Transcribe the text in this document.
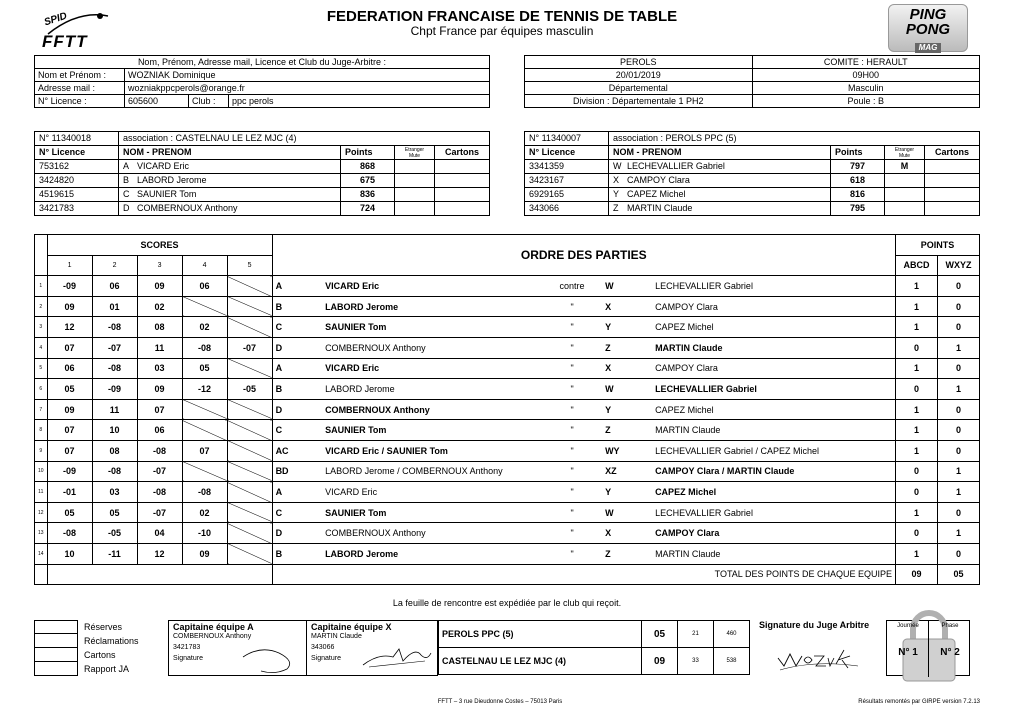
SPID
FFTT
FEDERATION FRANCAISE DE TENNIS DE TABLE
Chpt France par équipes masculin
PING
PONG
MAG
Nom, Prénom, Adresse mail, Licence et Club du Juge-Arbitre :			
Nom et Prénom :	WOZNIAK Dominique		
Adresse mail :	wozniakppcperols@orange.fr		
N° Licence :	605600	Club :	ppc perols
PEROLS	COMITE : HERAULT
20/01/2019	09H00
Départemental	Masculin
Division : Départementale 1 PH2	Poule : B
N° 11340018	association : CASTELNAU LE LEZ MJC (4)			
N° Licence	NOM - PRENOM	Points	Etranger
Mute	Cartons
753162	A VICARD Eric	868		
3424820	B LABORD Jerome	675		
4519615	C SAUNIER Tom	836		
3421783	D COMBERNOUX Anthony	724		
N° 11340007	association : PEROLS PPC (5)			
N° Licence	NOM - PRENOM	Points	Etranger
Mute	Cartons
3341359	W LECHEVALLIER Gabriel	797	M	
3423167	X CAMPOY Clara	618		
6929165	Y CAPEZ Michel	816		
343066	Z MARTIN Claude	795		
	SCORES					ORDRE DES PARTIES					POINTS	
	1	2	3	4	5						ABCD	WXYZ
1	-09	06	09	06		A	VICARD Eric	contre	W	LECHEVALLIER Gabriel	1	0
2	09	01	02			B	LABORD Jerome	"	X	CAMPOY Clara	1	0
3	12	-08	08	02		C	SAUNIER Tom	"	Y	CAPEZ Michel	1	0
4	07	-07	11	-08	-07	D	COMBERNOUX Anthony	"	Z	MARTIN Claude	0	1
5	06	-08	03	05		A	VICARD Eric	"	X	CAMPOY Clara	1	0
6	05	-09	09	-12	-05	B	LABORD Jerome	"	W	LECHEVALLIER Gabriel	0	1
7	09	11	07			D	COMBERNOUX Anthony	"	Y	CAPEZ Michel	1	0
8	07	10	06			C	SAUNIER Tom	"	Z	MARTIN Claude	1	0
9	07	08	-08	07		AC	VICARD Eric / SAUNIER Tom	"	WY	LECHEVALLIER Gabriel / CAPEZ Michel	1	0
10	-09	-08	-07			BD	LABORD Jerome / COMBERNOUX Anthony	"	XZ	CAMPOY Clara / MARTIN Claude	0	1
11	-01	03	-08	-08		A	VICARD Eric	"	Y	CAPEZ Michel	0	1
12	05	05	-07	02		C	SAUNIER Tom	"	W	LECHEVALLIER Gabriel	1	0
13	-08	-05	04	-10		D	COMBERNOUX Anthony	"	X	CAMPOY Clara	0	1
14	10	-11	12	09		B	LABORD Jerome	"	Z	MARTIN Claude	1	0
						TOTAL DES POINTS DE CHAQUE EQUIPE					09	05
La feuille de rencontre est expédiée par le club qui reçoit.
Réserves
Réclamations
Cartons
Rapport JA
Capitaine équipe A
COMBERNOUX Anthony
3421783
Signature
Capitaine équipe X
MARTIN Claude
343066
Signature
PEROLS PPC (5)	05	21	460
CASTELNAU LE LEZ MJC (4)	09	33	538
Signature du Juge Arbitre	Journée	Phase
N° 1	N° 2
FFTT – 3 rue Dieudonne Costes – 75013 Paris	Résultats remontés par GIRPE version 7.2.13
